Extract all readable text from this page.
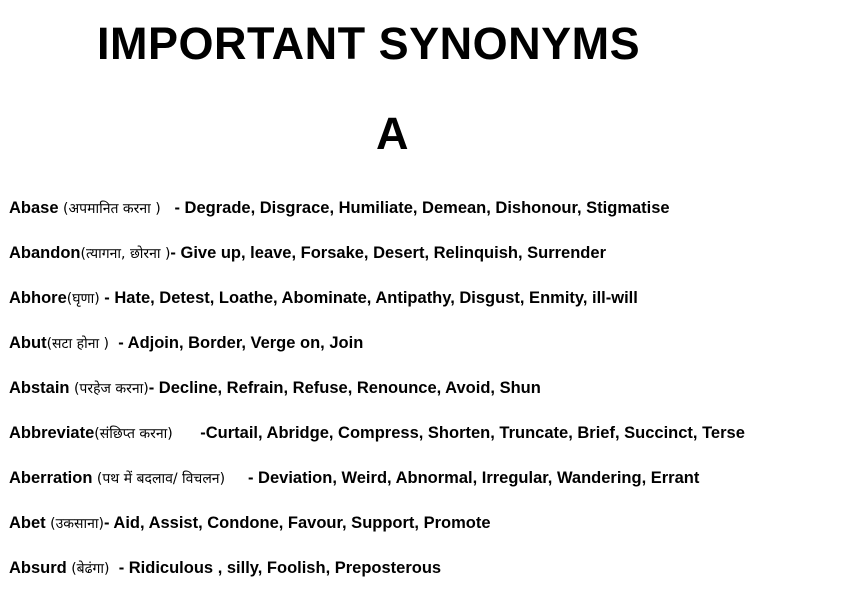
IMPORTANT SYNONYMS
A
Abase (अपमानित करना ) - Degrade, Disgrace, Humiliate, Demean, Dishonour, Stigmatise
Abandon(त्यागना, छोरना )- Give up, leave, Forsake, Desert, Relinquish, Surrender
Abhore(घृणा) - Hate, Detest, Loathe, Abominate, Antipathy, Disgust, Enmity, ill-will
Abut(सटा होना ) - Adjoin, Border, Verge on, Join
Abstain (परहेज करना)- Decline, Refrain, Refuse, Renounce, Avoid, Shun
Abbreviate(संछिप्त करना) -Curtail, Abridge, Compress, Shorten, Truncate, Brief, Succinct, Terse
Aberration (पथ में बदलाव/ विचलन) - Deviation, Weird, Abnormal, Irregular, Wandering, Errant
Abet (उकसाना)- Aid, Assist, Condone, Favour, Support, Promote
Absurd (बेढंगा) - Ridiculous , silly, Foolish, Preposterous
